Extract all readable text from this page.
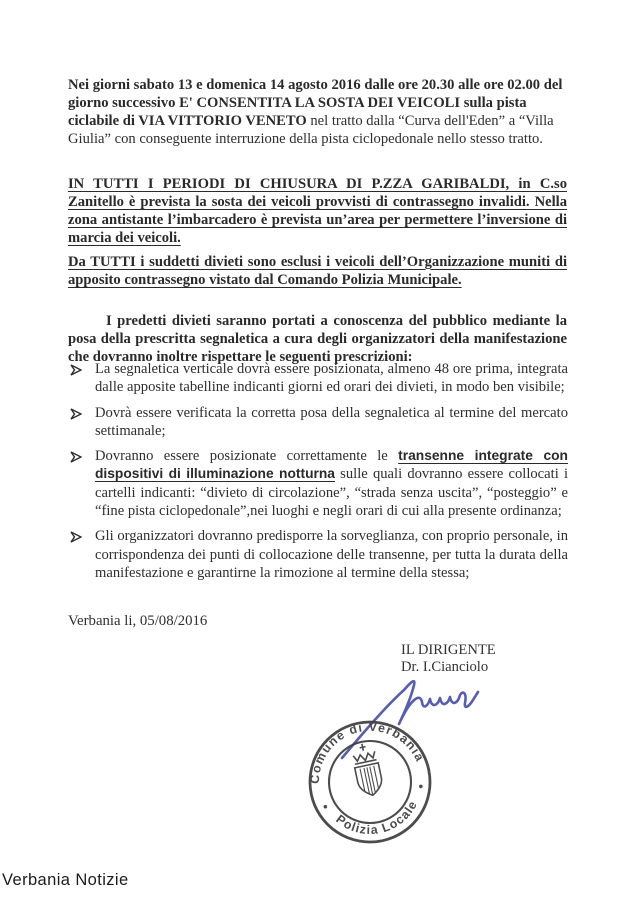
Nei giorni sabato 13 e domenica 14 agosto 2016 dalle ore 20.30 alle ore 02.00 del giorno successivo E' CONSENTITA LA SOSTA DEI VEICOLI sulla pista ciclabile di VIA VITTORIO VENETO nel tratto dalla “Curva dell'Eden” a “Villa Giulia” con conseguente interruzione della pista ciclopedonale nello stesso tratto.

IN TUTTI I PERIODI DI CHIUSURA DI P.ZZA GARIBALDI, in C.so Zanitello è prevista la sosta dei veicoli provvisti di contrassegno invalidi. Nella zona antistante l’imbarcadero è prevista un’area per permettere l’inversione di marcia dei veicoli.

Da TUTTI i suddetti divieti sono esclusi i veicoli dell’Organizzazione muniti di apposito contrassegno vistato dal Comando Polizia Municipale.

I predetti divieti saranno portati a conoscenza del pubblico mediante la posa della prescritta segnaletica a cura degli organizzatori della manifestazione che dovranno inoltre rispettare le seguenti prescrizioni:

La segnaletica verticale dovrà essere posizionata, almeno 48 ore prima, integrata dalle apposite tabelline indicanti giorni ed orari dei divieti, in modo ben visibile;
Dovrà essere verificata la corretta posa della segnaletica al termine del mercato settimanale;
Dovranno essere posizionate correttamente le transenne integrate con dispositivi di illuminazione notturna sulle quali dovranno essere collocati i cartelli indicanti: “divieto di circolazione”, “strada senza uscita”, “posteggio” e “fine pista ciclopedonale”,nei luoghi e negli orari di cui alla presente ordinanza;
Gli organizzatori dovranno predisporre la sorveglianza, con proprio personale, in corrispondenza dei punti di collocazione delle transenne, per tutta la durata della manifestazione e garantirne la rimozione al termine della stessa;
Verbania li, 05/08/2016
IL DIRIGENTE
Dr. I.Cianciolo
Comune di Verbania
Polizia Locale
Verbania Notizie
